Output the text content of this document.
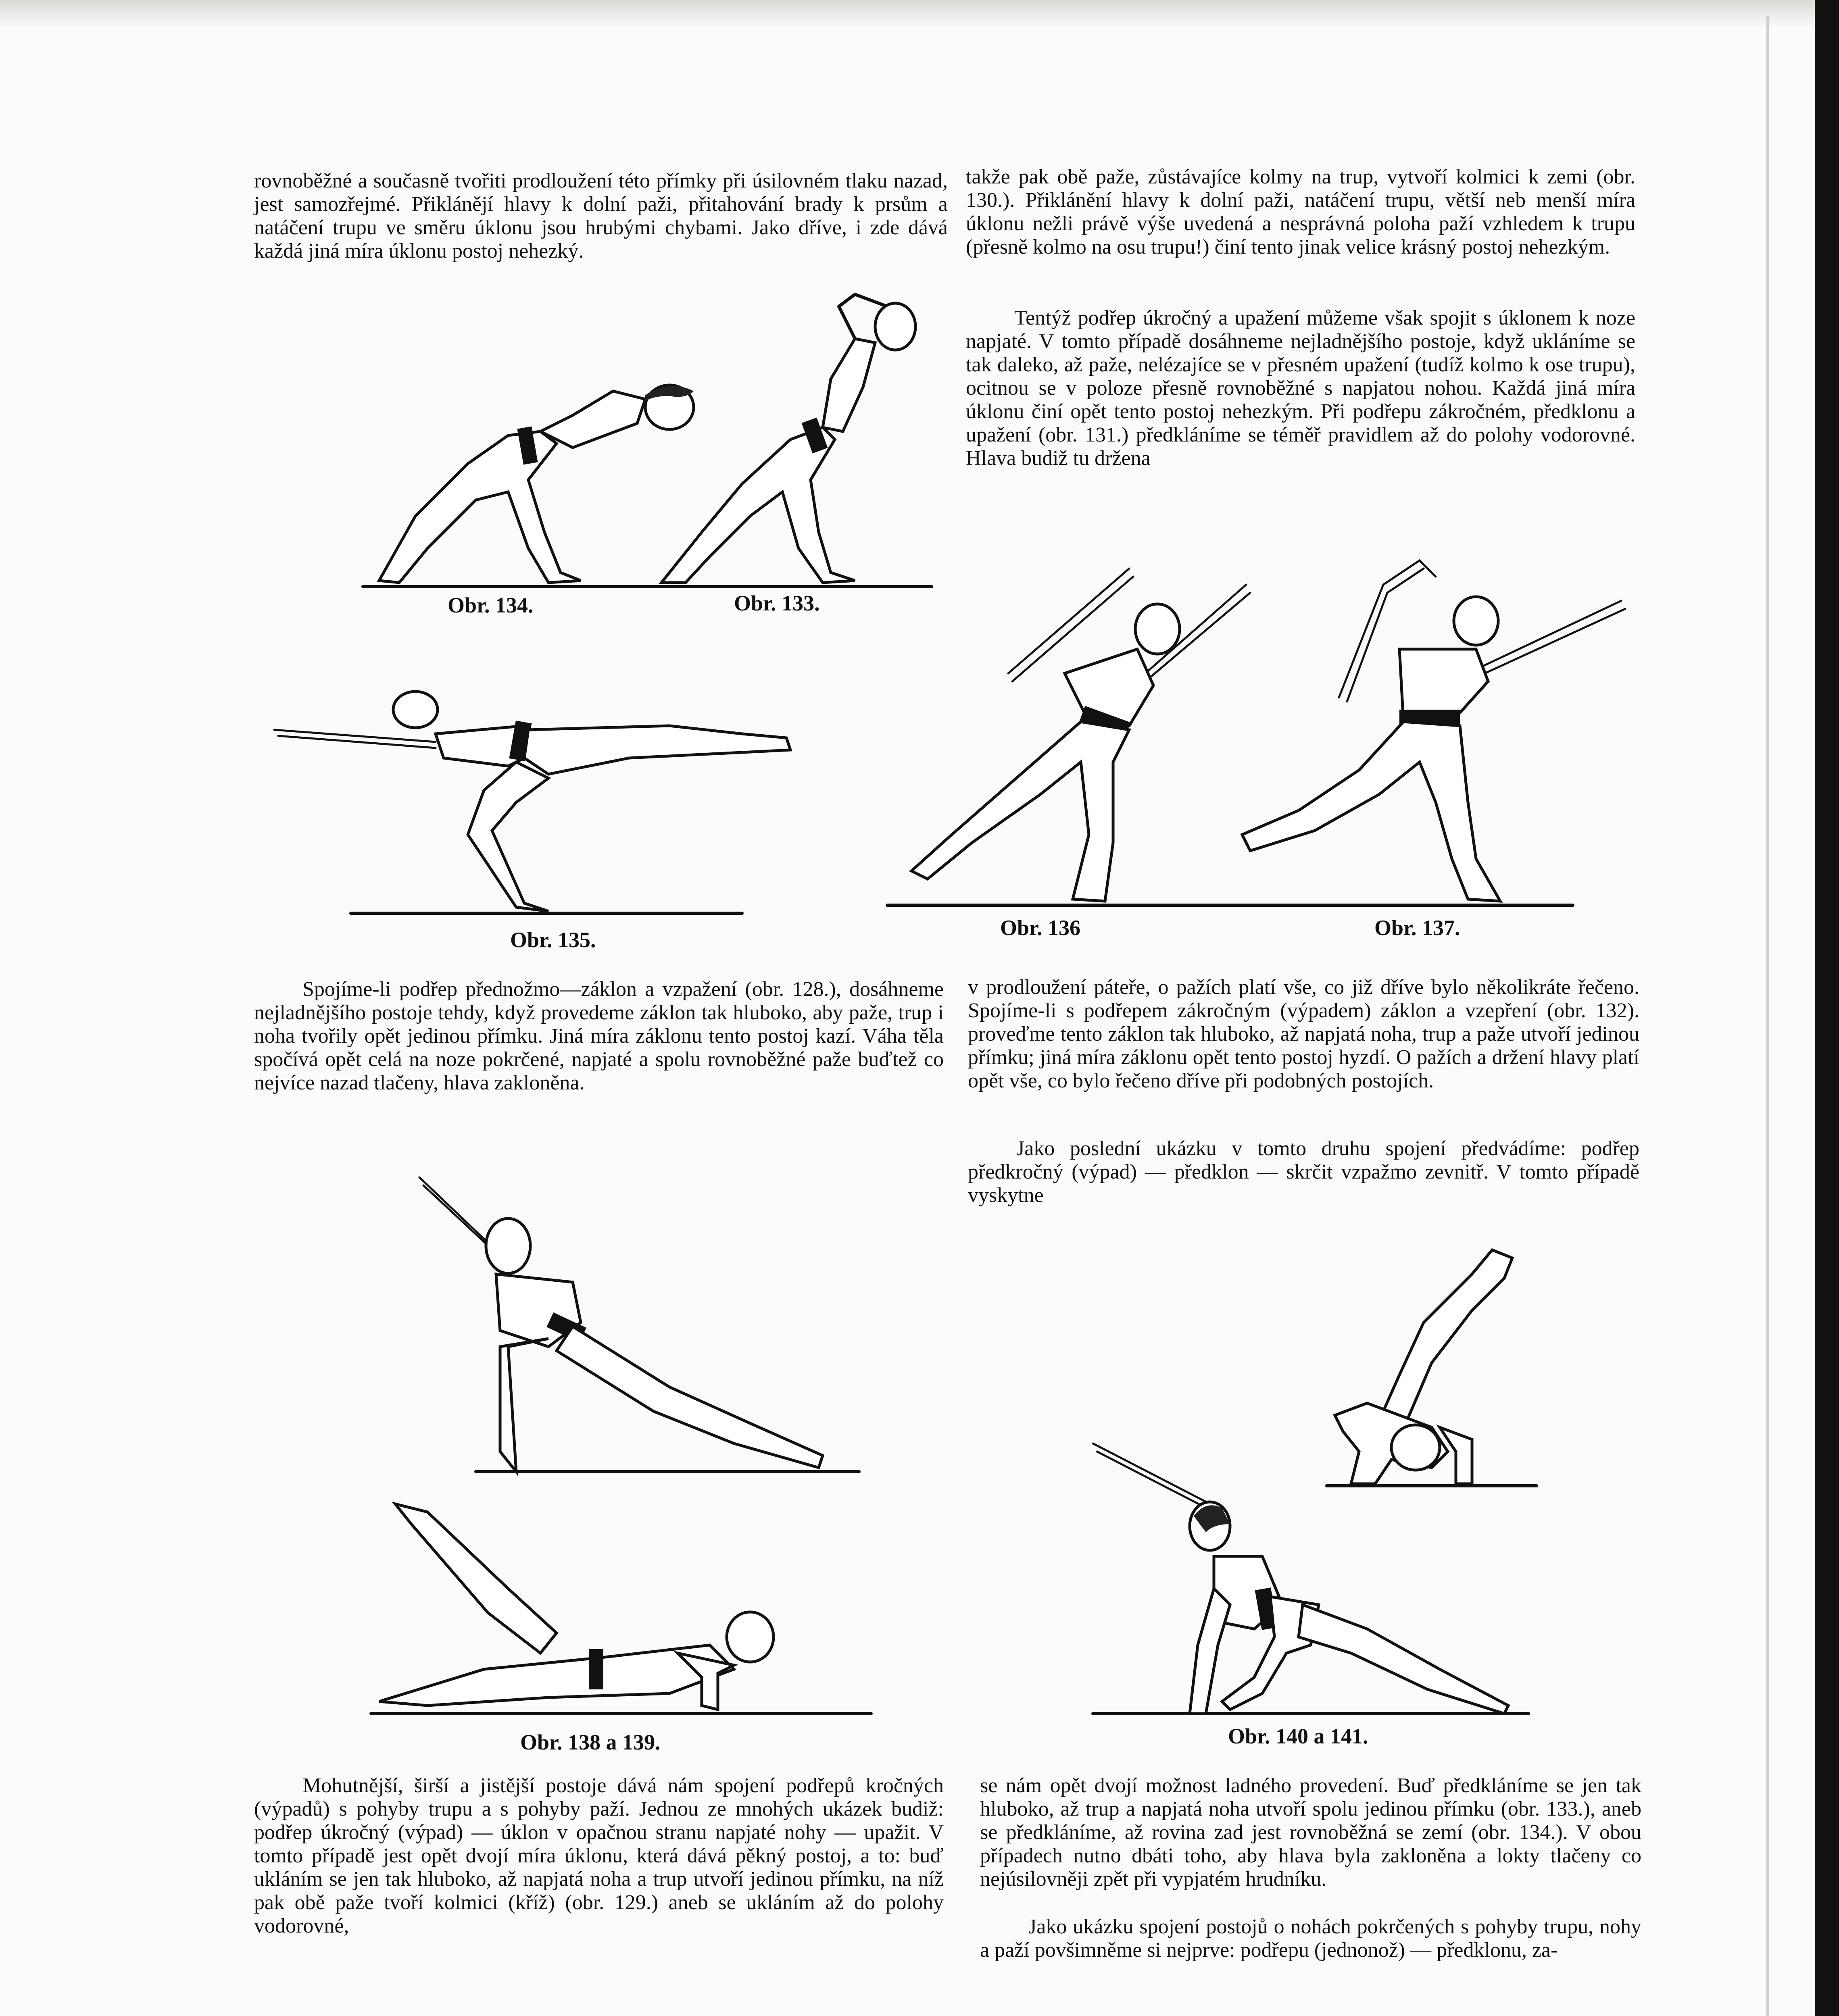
rovnoběžné a současně tvořiti prodloužení této přímky při úsilovném tlaku nazad, jest samozřejmé. Přiklánějí hlavy k dolní paži, přitahování brady k prsům a natáčení trupu ve směru úklonu jsou hrubými chybami. Jako dříve, i zde dává každá jiná míra úklonu postoj nehezký.

takže pak obě paže, zůstávajíce kolmy na trup, vytvoří kolmici k zemi (obr. 130.). Přiklánění hlavy k dolní paži, natáčení trupu, větší neb menší míra úklonu nežli právě výše uvedená a nesprávná poloha paží vzhledem k trupu (přesně kolmo na osu trupu!) činí tento jinak velice krásný postoj nehezkým.

Tentýž podřep úkročný a upažení můžeme však spojit s úklonem k noze napjaté. V tomto případě dosáhneme nejladnějšího postoje, když ukláníme se tak daleko, až paže, nelézajíce se v přesném upažení (tudíž kolmo k ose trupu), ocitnou se v poloze přesně rovnoběžné s napjatou nohou. Každá jiná míra úklonu činí opět tento postoj nehezkým. Při podřepu zákročném, předklonu a upažení (obr. 131.) předkláníme se téměř pravidlem až do polohy vodorovné. Hlava budiž tu držena

Obr. 134.	Obr. 133.
Obr. 135.	Obr. 136	Obr. 137.

Spojíme-li podřep přednožmo—záklon a vzpažení (obr. 128.), dosáhneme nejladnějšího postoje tehdy, když provedeme záklon tak hluboko, aby paže, trup i noha tvořily opět jedinou přímku. Jiná míra záklonu tento postoj kazí. Váha těla spočívá opět celá na noze pokrčené, napjaté a spolu rovnoběžné paže buďtež co nejvíce nazad tlačeny, hlava zakloněna.

v prodloužení páteře, o pažích platí vše, co již dříve bylo několikráte řečeno. Spojíme-li s podřepem zákročným (výpadem) záklon a vzepření (obr. 132). proveďme tento záklon tak hluboko, až napjatá noha, trup a paže utvoří jedinou přímku; jiná míra záklonu opět tento postoj hyzdí. O pažích a držení hlavy platí opět vše, co bylo řečeno dříve při podobných postojích.

Jako poslední ukázku v tomto druhu spojení předvádíme: podřep předkročný (výpad) — předklon — skrčit vzpažmo zevnitř. V tomto případě vyskytne

Obr. 138 a 139.	Obr. 140 a 141.

Mohutnější, širší a jistější postoje dává nám spojení podřepů kročných (výpadů) s pohyby trupu a s pohyby paží. Jednou ze mnohých ukázek budiž: podřep úkročný (výpad) — úklon v opačnou stranu napjaté nohy — upažit. V tomto případě jest opět dvojí míra úklonu, která dává pěkný postoj, a to: buď ukláním se jen tak hluboko, až napjatá noha a trup utvoří jedinou přímku, na níž pak obě paže tvoří kolmici (kříž) (obr. 129.) aneb se ukláním až do polohy vodorovné,

se nám opět dvojí možnost ladného provedení. Buď předkláníme se jen tak hluboko, až trup a napjatá noha utvoří spolu jedinou přímku (obr. 133.), aneb se předkláníme, až rovina zad jest rovnoběžná se zemí (obr. 134.). V obou případech nutno dbáti toho, aby hlava byla zakloněna a lokty tlačeny co nejúsilovněji zpět při vypjatém hrudníku.

Jako ukázku spojení postojů o nohách pokrčených s pohyby trupu, nohy a paží povšimněme si nejprve: podřepu (jednonož) — předklonu, za-
